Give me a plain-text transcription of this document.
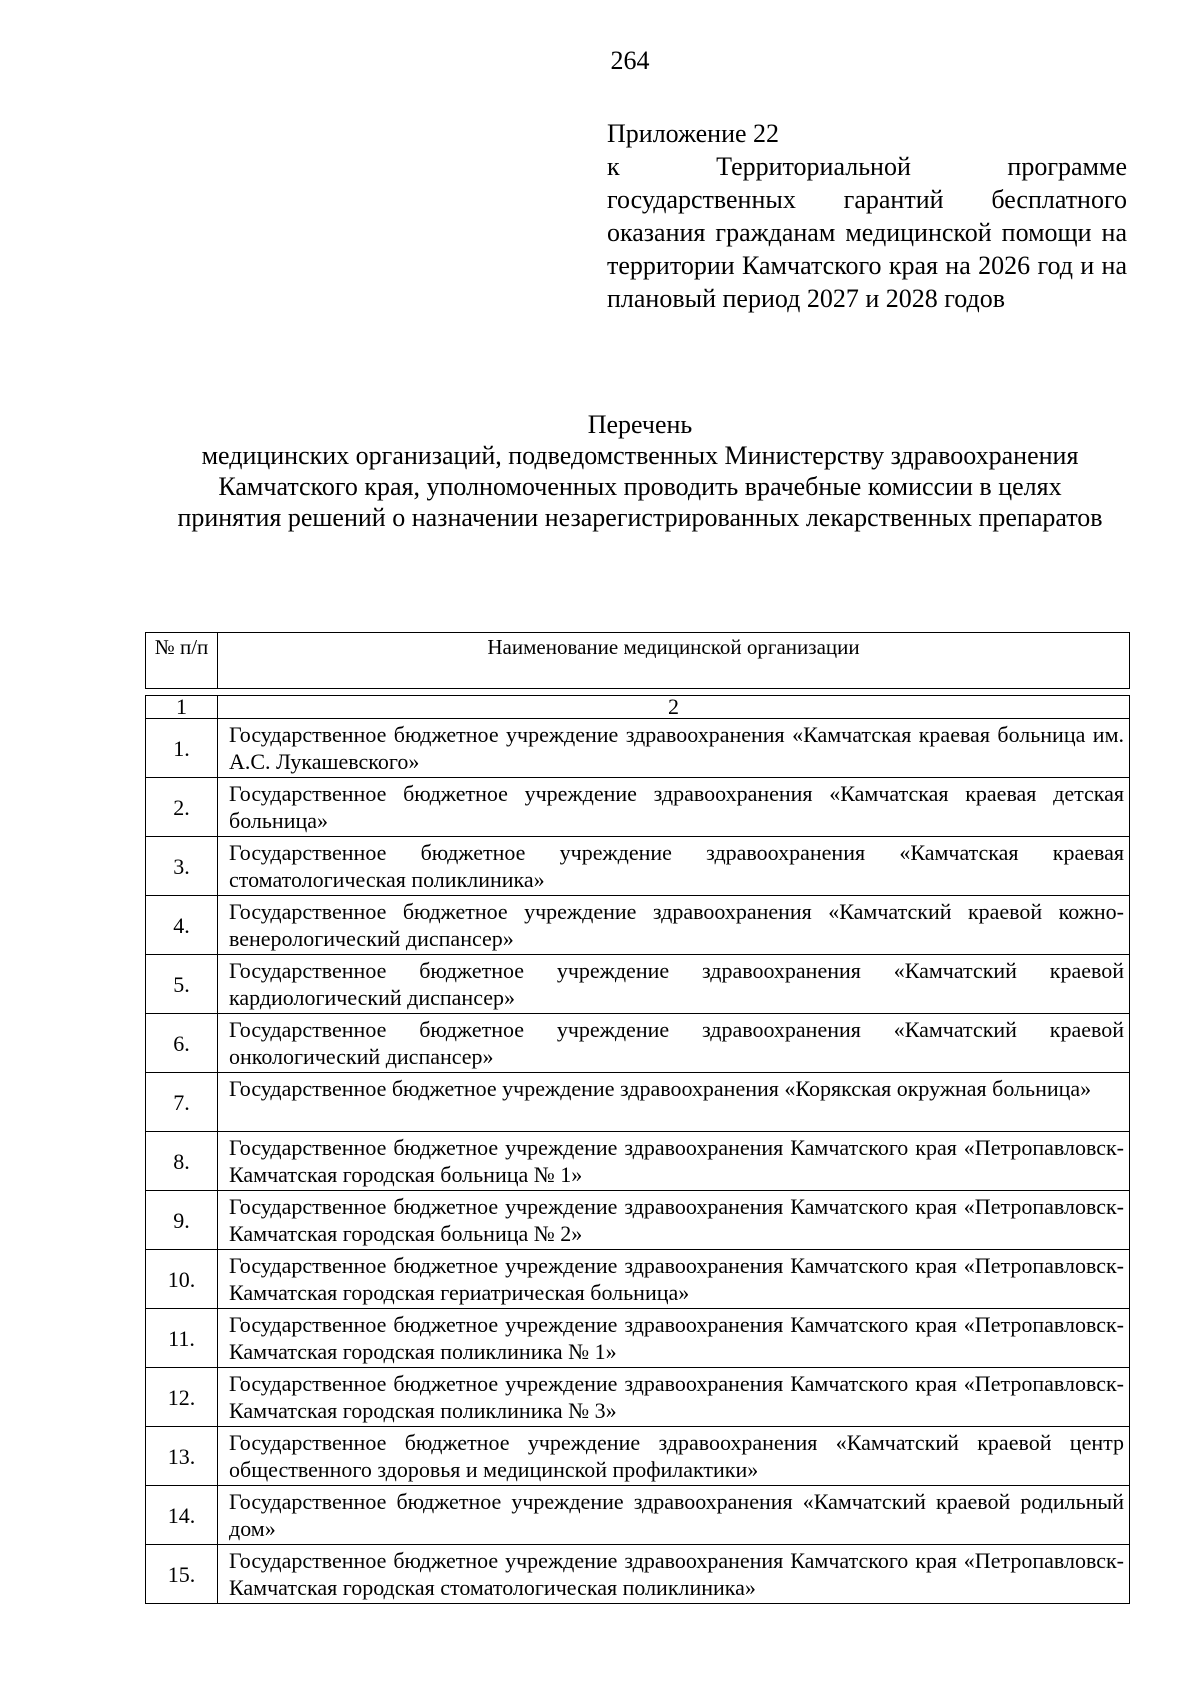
264
Приложение 22
к Территориальной программе государственных гарантий бесплатного оказания гражданам медицинской помощи на территории Камчатского края на 2026 год и на плановый период 2027 и 2028 годов
Перечень
медицинских организаций, подведомственных Министерству здравоохранения Камчатского края, уполномоченных проводить врачебные комиссии в целях принятия решений о назначении незарегистрированных лекарственных препаратов
№ п/п	Наименование медицинской организации
1	2
1.	Государственное бюджетное учреждение здравоохранения «Камчатская краевая больница им. А.С. Лукашевского»
2.	Государственное бюджетное учреждение здравоохранения «Камчатская краевая детская больница»
3.	Государственное бюджетное учреждение здравоохранения «Камчатская краевая стоматологическая поликлиника»
4.	Государственное бюджетное учреждение здравоохранения «Камчатский краевой кожно-венерологический диспансер»
5.	Государственное бюджетное учреждение здравоохранения «Камчатский краевой кардиологический диспансер»
6.	Государственное бюджетное учреждение здравоохранения «Камчатский краевой онкологический диспансер»
7.	Государственное бюджетное учреждение здравоохранения «Корякская окружная больница»
8.	Государственное бюджетное учреждение здравоохранения Камчатского края «Петропавловск-Камчатская городская больница № 1»
9.	Государственное бюджетное учреждение здравоохранения Камчатского края «Петропавловск-Камчатская городская больница № 2»
10.	Государственное бюджетное учреждение здравоохранения Камчатского края «Петропавловск-Камчатская городская гериатрическая больница»
11.	Государственное бюджетное учреждение здравоохранения Камчатского края «Петропавловск-Камчатская городская поликлиника № 1»
12.	Государственное бюджетное учреждение здравоохранения Камчатского края «Петропавловск-Камчатская городская поликлиника № 3»
13.	Государственное бюджетное учреждение здравоохранения «Камчатский краевой центр общественного здоровья и медицинской профилактики»
14.	Государственное бюджетное учреждение здравоохранения «Камчатский краевой родильный дом»
15.	Государственное бюджетное учреждение здравоохранения Камчатского края «Петропавловск-Камчатская городская стоматологическая поликлиника»
